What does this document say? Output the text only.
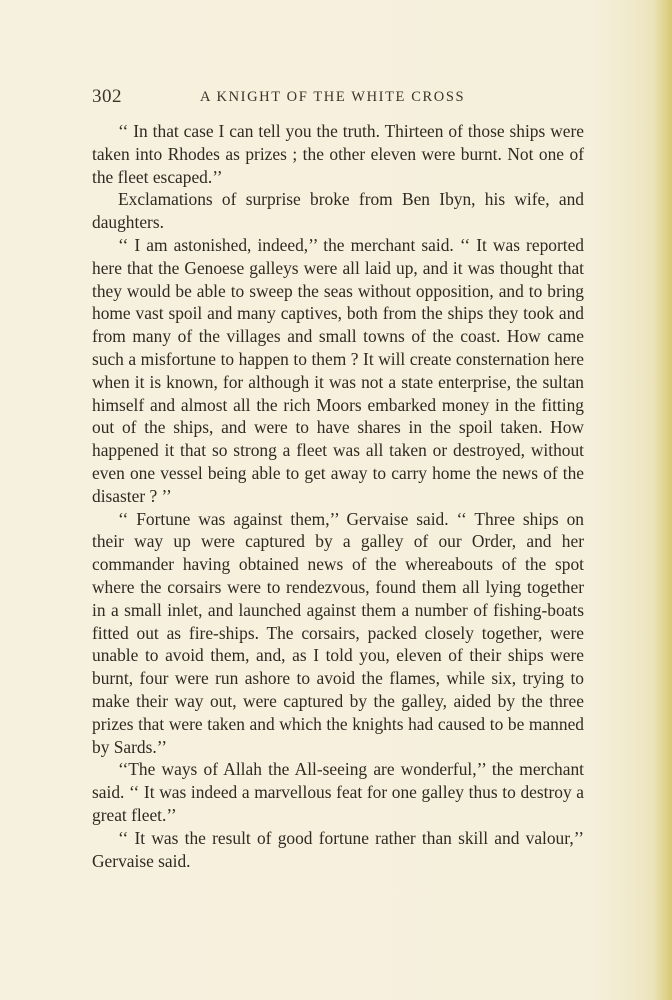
302	A KNIGHT OF THE WHITE CROSS

‘‘ In that case I can tell you the truth. Thirteen of those ships were taken into Rhodes as prizes ; the other eleven were burnt. Not one of the fleet escaped.’’

Exclamations of surprise broke from Ben Ibyn, his wife, and daughters.

‘‘ I am astonished, indeed,’’ the merchant said. ‘‘ It was reported here that the Genoese galleys were all laid up, and it was thought that they would be able to sweep the seas without opposition, and to bring home vast spoil and many captives, both from the ships they took and from many of the villages and small towns of the coast. How came such a misfortune to happen to them ? It will create consternation here when it is known, for although it was not a state enterprise, the sultan himself and almost all the rich Moors embarked money in the fitting out of the ships, and were to have shares in the spoil taken. How happened it that so strong a fleet was all taken or destroyed, without even one vessel being able to get away to carry home the news of the disaster ? ’’

‘‘ Fortune was against them,’’ Gervaise said. ‘‘ Three ships on their way up were captured by a galley of our Order, and her commander having obtained news of the whereabouts of the spot where the corsairs were to rendezvous, found them all lying together in a small inlet, and launched against them a number of fishing-boats fitted out as fire-ships. The corsairs, packed closely together, were unable to avoid them, and, as I told you, eleven of their ships were burnt, four were run ashore to avoid the flames, while six, trying to make their way out, were captured by the galley, aided by the three prizes that were taken and which the knights had caused to be manned by Sards.’’

‘‘The ways of Allah the All-seeing are wonderful,’’ the merchant said. ‘‘ It was indeed a marvellous feat for one galley thus to destroy a great fleet.’’

‘‘ It was the result of good fortune rather than skill and valour,’’ Gervaise said.
